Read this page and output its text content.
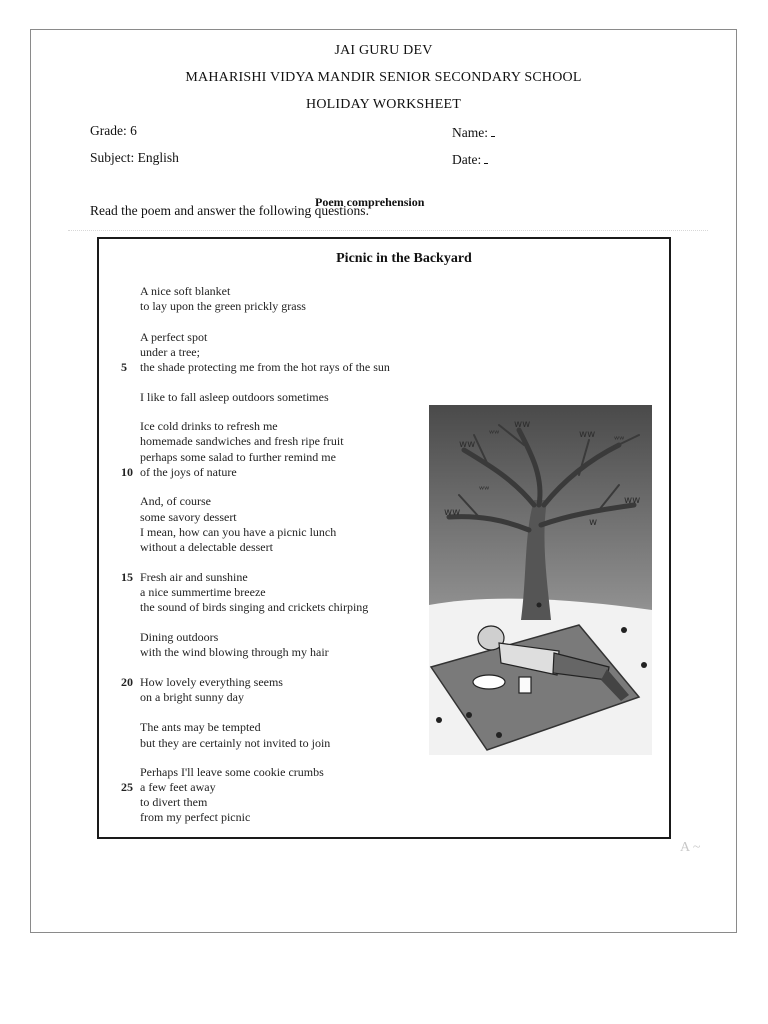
JAI GURU DEV
MAHARISHI VIDYA MANDIR SENIOR SECONDARY SCHOOL
HOLIDAY WORKSHEET
Grade: 6	Name:
Subject: English	Date:
Read the poem and answer the following questions.
Poem comprehension
Picnic in the Backyard
A nice soft blanket
to lay upon the green prickly grass
A perfect spot
under a tree;
5 the shade protecting me from the hot rays of the sun
I like to fall asleep outdoors sometimes
Ice cold drinks to refresh me
homemade sandwiches and fresh ripe fruit
perhaps some salad to further remind me
10 of the joys of nature
And, of course
some savory dessert
I mean, how can you have a picnic lunch
without a delectable dessert
15 Fresh air and sunshine
a nice summertime breeze
the sound of birds singing and crickets chirping
Dining outdoors
with the wind blowing through my hair
20 How lovely everything seems
on a bright sunny day
The ants may be tempted
but they are certainly not invited to join
Perhaps I'll leave some cookie crumbs
25 a few feet away
to divert them
from my perfect picnic
ᴡᴡ
ʷʷ
ᴡᴡ
ᴡᴡ
ʷʷ
ᴡᴡ
ᴡᴡ
ᴡ
ʷʷ
A ~
